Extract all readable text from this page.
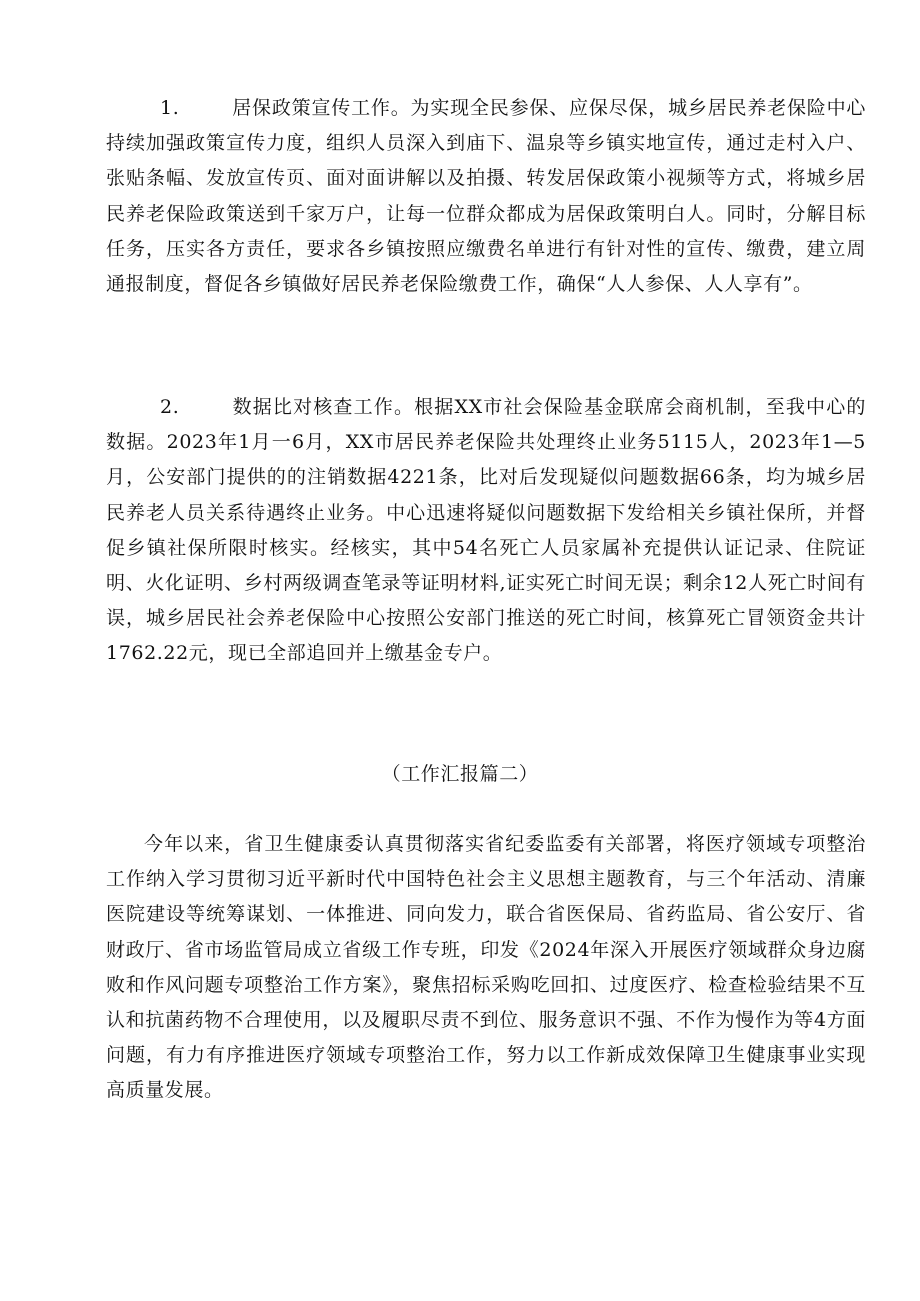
1.	居保政策宣传工作。为实现全民参保、应保尽保，城乡居民养老保险中心持续加强政策宣传力度，组织人员深入到庙下、温泉等乡镇实地宣传，通过走村入户、张贴条幅、发放宣传页、面对面讲解以及拍摄、转发居保政策小视频等方式，将城乡居民养老保险政策送到千家万户，让每一位群众都成为居保政策明白人。同时，分解目标任务，压实各方责任，要求各乡镇按照应缴费名单进行有针对性的宣传、缴费，建立周通报制度，督促各乡镇做好居民养老保险缴费工作，确保“人人参保、人人享有”。

2.	数据比对核查工作。根据XX市社会保险基金联席会商机制，至我中心的数据。2023年1月一6月，XX市居民养老保险共处理终止业务5115人，2023年1—5月，公安部门提供的的注销数据4221条，比对后发现疑似问题数据66条，均为城乡居民养老人员关系待遇终止业务。中心迅速将疑似问题数据下发给相关乡镇社保所，并督促乡镇社保所限时核实。经核实，其中54名死亡人员家属补充提供认证记录、住院证明、火化证明、乡村两级调查笔录等证明材料,证实死亡时间无误；剩余12人死亡时间有误，城乡居民社会养老保险中心按照公安部门推送的死亡时间，核算死亡冒领资金共计1762.22元，现已全部追回并上缴基金专户。

（工作汇报篇二）

今年以来，省卫生健康委认真贯彻落实省纪委监委有关部署，将医疗领域专项整治工作纳入学习贯彻习近平新时代中国特色社会主义思想主题教育，与三个年活动、清廉医院建设等统筹谋划、一体推进、同向发力，联合省医保局、省药监局、省公安厅、省财政厅、省市场监管局成立省级工作专班，印发《2024年深入开展医疗领域群众身边腐败和作风问题专项整治工作方案》，聚焦招标采购吃回扣、过度医疗、检查检验结果不互认和抗菌药物不合理使用，以及履职尽责不到位、服务意识不强、不作为慢作为等4方面问题，有力有序推进医疗领域专项整治工作，努力以工作新成效保障卫生健康事业实现高质量发展。
